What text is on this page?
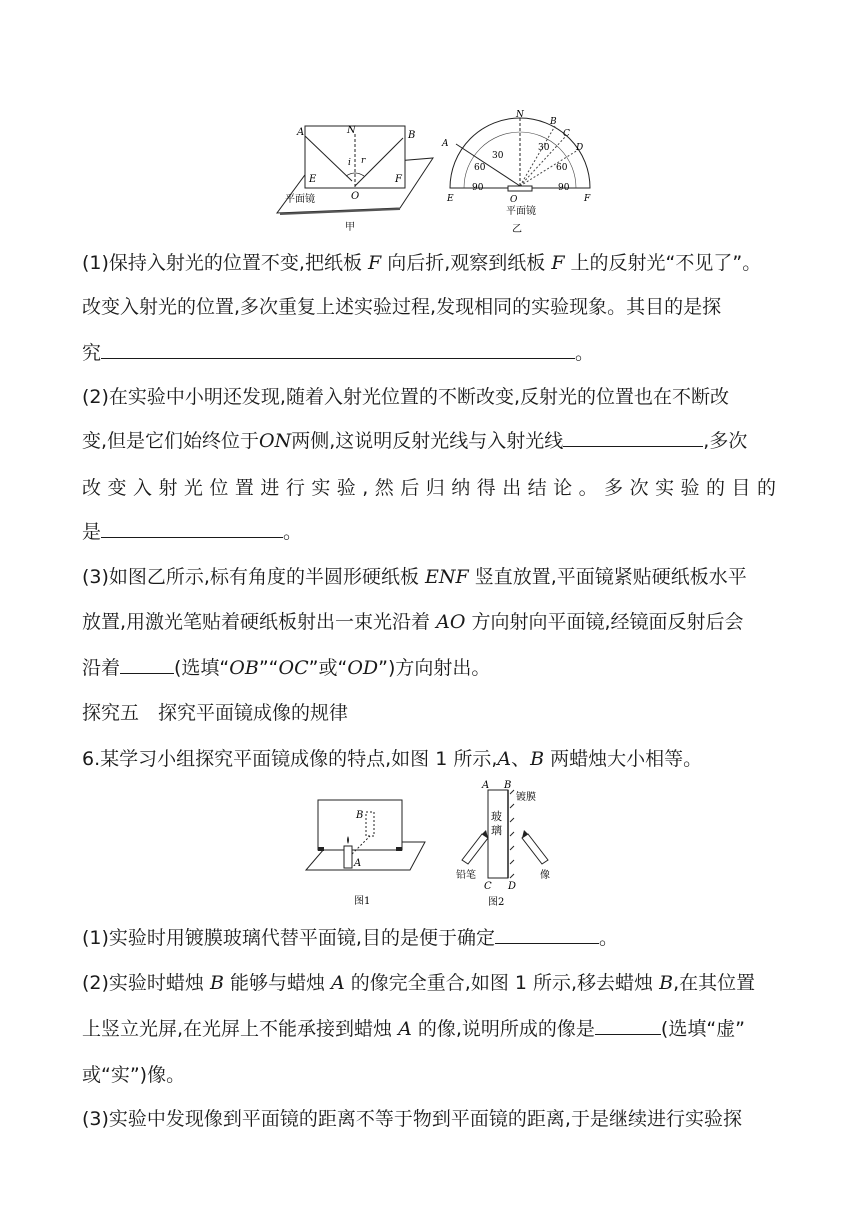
A	N	B
i r
E
O
F
平面镜
甲
N
B
C
D
A
E	O	F
30
60
90
30
60
90
平面镜
乙
(1)保持入射光的位置不变,把纸板 F 向后折,观察到纸板 F 上的反射光“不见了”。
改变入射光的位置,多次重复上述实验过程,发现相同的实验现象。其目的是探
究	。
(2)在实验中小明还发现,随着入射光位置的不断改变,反射光的位置也在不断改
变,但是它们始终位于ON两侧,这说明反射光线与入射光线	,多次
改变入射光位置进行实验,然后归纳得出结论。多次实验的目的
是	。
(3)如图乙所示,标有角度的半圆形硬纸板 ENF 竖直放置,平面镜紧贴硬纸板水平
放置,用激光笔贴着硬纸板射出一束光沿着 AO 方向射向平面镜,经镜面反射后会
沿着	(选填“OB”“OC”或“OD”)方向射出。
探究五　探究平面镜成像的规律
6.某学习小组探究平面镜成像的特点,如图 1 所示,A、B 两蜡烛大小相等。
B
A
图1
A B
C D
玻
璃
镀膜
铅笔	像
图2
(1)实验时用镀膜玻璃代替平面镜,目的是便于确定	。
(2)实验时蜡烛 B 能够与蜡烛 A 的像完全重合,如图 1 所示,移去蜡烛 B,在其位置
上竖立光屏,在光屏上不能承接到蜡烛 A 的像,说明所成的像是	(选填“虚”
或“实”)像。
(3)实验中发现像到平面镜的距离不等于物到平面镜的距离,于是继续进行实验探
